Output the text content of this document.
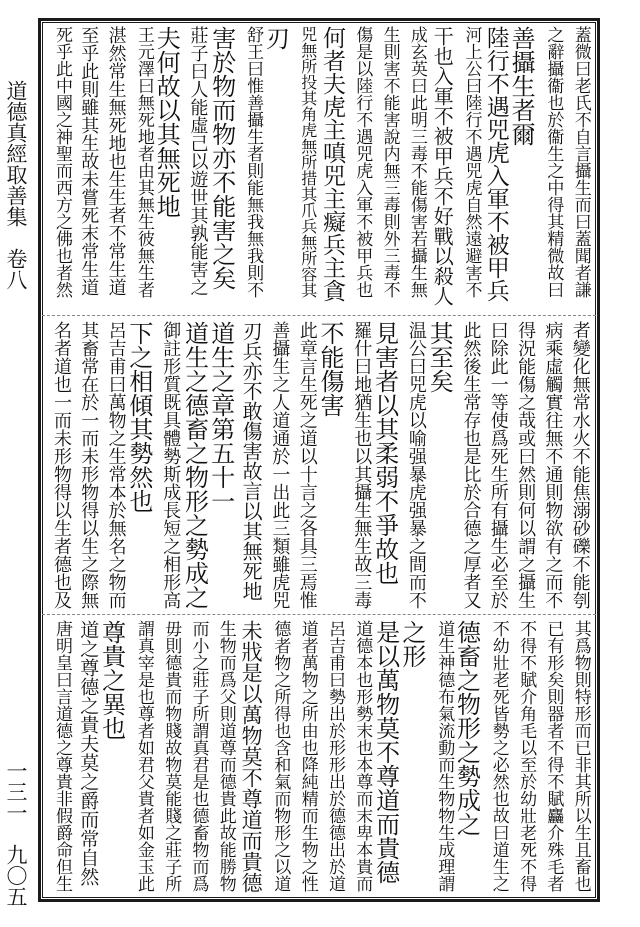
道德真經取善集　卷八
一三一　九〇五
蓋微曰老氏不自言攝生而曰蓋聞者謙
之辭攝衞也於衞生之中得其精微故曰
善攝生者爾
陸行不遇兕虎入軍不被甲兵
河上公曰陸行不遇兕虎自然遠避害不
干也入軍不被甲兵不好戰以殺人
成玄英曰此明三毒不能傷害若攝生無
生則害不能害說内無三毒則外三毒不
傷是以陸行不遇兕虎入軍不被甲兵也
何者夫虎主嗔兕主癡兵主貪
兕無所投其角虎無所措其爪兵無所容其
刃
舒王曰惟善攝生者則能無我無我則不
害於物而物亦不能害之矣
莊子曰人能虛己以遊世其孰能害之
夫何故以其無死地
王元澤曰無死地者由其無生彼無生者
湛然常生無死地也生生者不常生道
至乎此則雖其生故未嘗死末常生道
死乎此中國之神聖而西方之佛也者然
者變化無常水火不能焦溺砂礫不能刳
病乘虛觸實往無不通則物欲有之而不
得況能傷之哉或曰然則何以謂之攝生
曰除此一等使爲死生所有攝生必至於
此然後生常存也是比於合德之厚者又
其至矣
温公曰兕虎以喻强暴虎强暴之間而不
見害者以其柔弱不爭故也
羅什曰地猶生也以其攝生無生故三毒
不能傷害
此章言生死之道以十言之各具三焉惟
善攝生之人道通於一出此三類雖虎兕
刃兵亦不敢傷害故言以其無死地
道生之章第五十一
道生之德畜之物形之勢成之
御註形質既具體勢斯成長短之相形高
下之相傾其勢然也
呂吉甫曰萬物之生常本於無名之物而
其畜常在於一而未形物得以生之際無
名者道也一而未形物得以生者德也及
其爲物則特形而已非其所以生且畜也
已有形矣則器者不得不賦麤介殊毛者
不得不賦介角毛以至於幼壯老死不得
不幼壯老死皆勢之必然也故曰道生之
德畜之物形之勢成之
道生神德布氣流動而生物物生成理謂
之形
是以萬物莫不尊道而貴德
道德本也形勢末也本尊而末卑本貴而
呂吉甫曰勢出於形形出於德德出於道
道者萬物之所由也降純精而生物之性
德者物之所得也含和氣而物形之以道
未戕是以萬物莫不尊道而貴德
生物而爲父則道尊而德貴此故能勝物
而小之莊子所謂真君是也德畜物而爲
毋則德貴而物賤故物莫能賤之莊子所
謂真宰是也尊者如君父貴者如金玉此
尊貴之異也
道之尊德之貴夫莫之爵而常自然
唐明皇曰言道德之尊貴非假爵命但生
